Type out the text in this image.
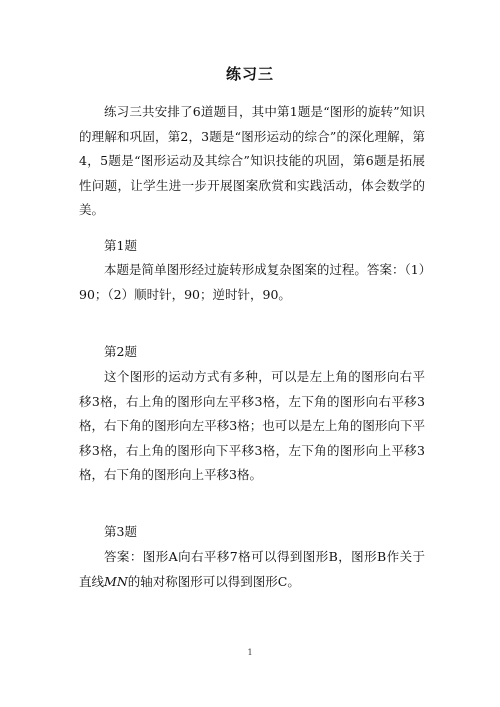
练习三

练习三共安排了6道题目，其中第1题是“图形的旋转”知识的理解和巩固，第2，3题是“图形运动的综合”的深化理解，第4，5题是“图形运动及其综合”知识技能的巩固，第6题是拓展性问题，让学生进一步开展图案欣赏和实践活动，体会数学的美。

第1题

本题是简单图形经过旋转形成复杂图案的过程。答案：（1）90；（2）顺时针，90；逆时针，90。

第2题

这个图形的运动方式有多种，可以是左上角的图形向右平移3格，右上角的图形向左平移3格，左下角的图形向右平移3格，右下角的图形向左平移3格；也可以是左上角的图形向下平移3格，右上角的图形向下平移3格，左下角的图形向上平移3格，右下角的图形向上平移3格。

第3题

答案：图形A向右平移7格可以得到图形B，图形B作关于直线MN的轴对称图形可以得到图形C。

1
